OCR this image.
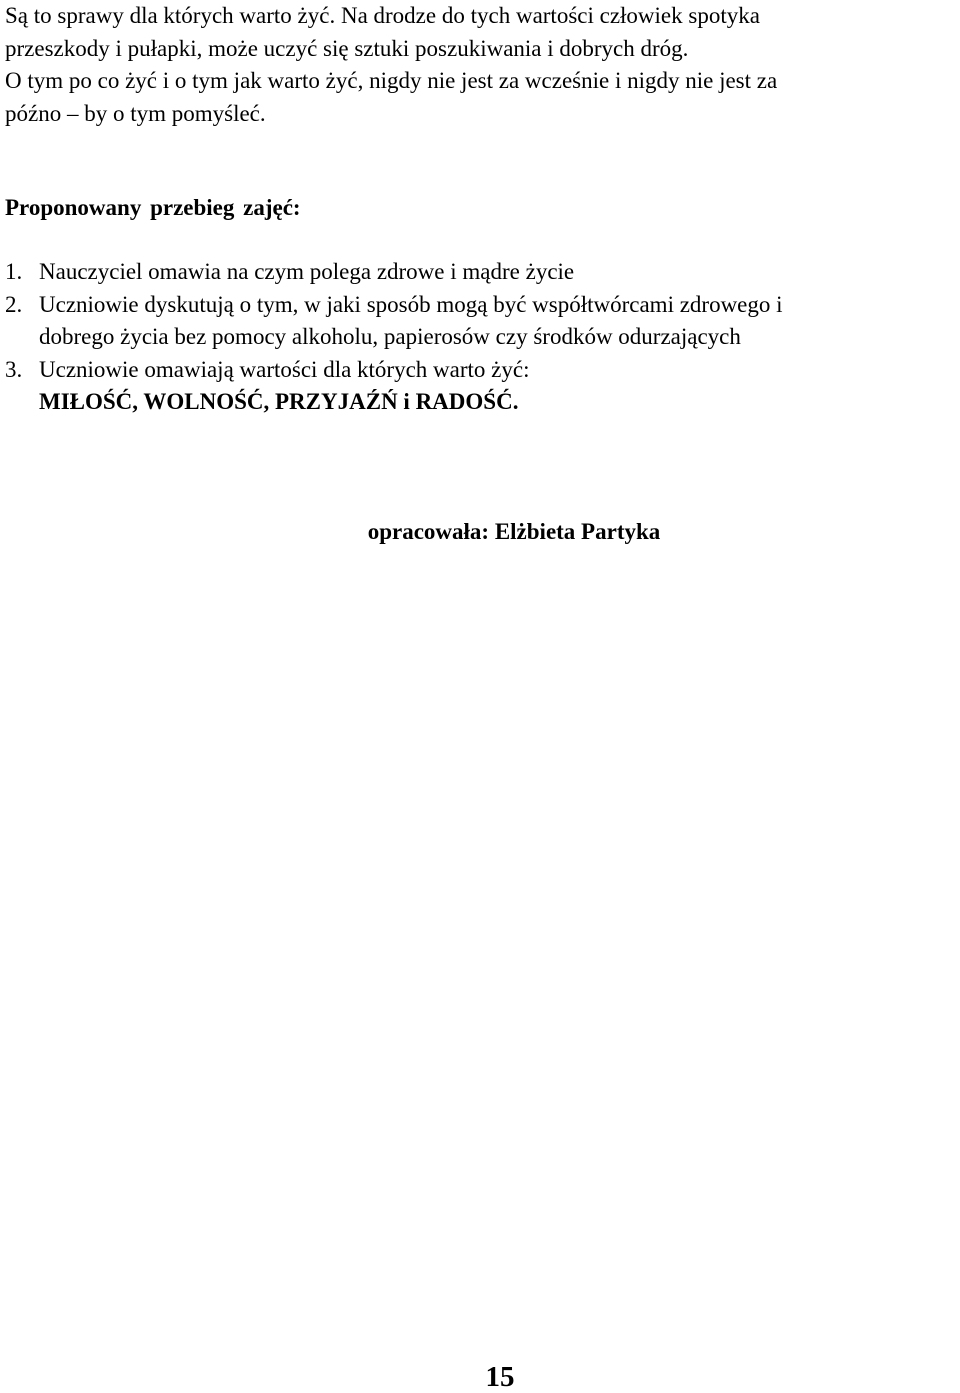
Są to sprawy dla których warto żyć. Na drodze do tych wartości człowiek spotyka
przeszkody i pułapki, może uczyć się sztuki poszukiwania i dobrych dróg.
O tym po co żyć i o tym jak warto żyć, nigdy nie jest za wcześnie i nigdy nie jest za
późno – by o tym pomyśleć.

Proponowany przebieg zajęć:
1. Nauczyciel omawia na czym polega zdrowe i mądre życie
2. Uczniowie dyskutują o tym, w jaki sposób mogą być współtwórcami zdrowego i
dobrego życia bez pomocy alkoholu, papierosów czy środków odurzających
3. Uczniowie omawiają wartości dla których warto żyć:
MIŁOŚĆ, WOLNOŚĆ, PRZYJAŹŃ i RADOŚĆ.

opracowała: Elżbieta Partyka

15
